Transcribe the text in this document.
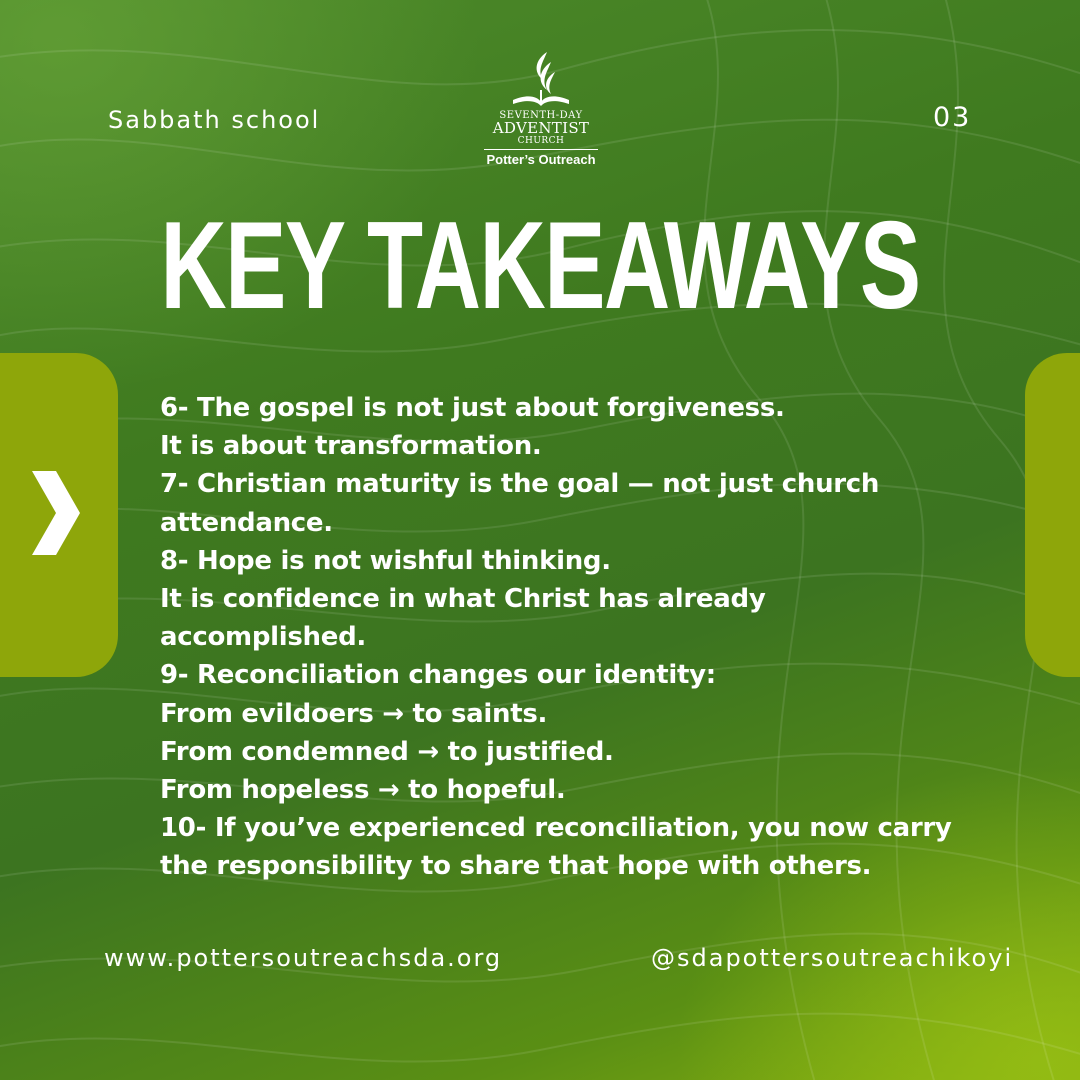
Sabbath school	03
SEVENTH-DAY
ADVENTIST
CHURCH
Potter’s Outreach
KEY TAKEAWAYS
6- The gospel is not just about forgiveness.
It is about transformation.
7- Christian maturity is the goal — not just church
attendance.
8- Hope is not wishful thinking.
It is confidence in what Christ has already
accomplished.
9- Reconciliation changes our identity:
From evildoers → to saints.
From condemned → to justified.
From hopeless → to hopeful.
10- If you’ve experienced reconciliation, you now carry
the responsibility to share that hope with others.
www.pottersoutreachsda.org	@sdapottersoutreachikoyi
